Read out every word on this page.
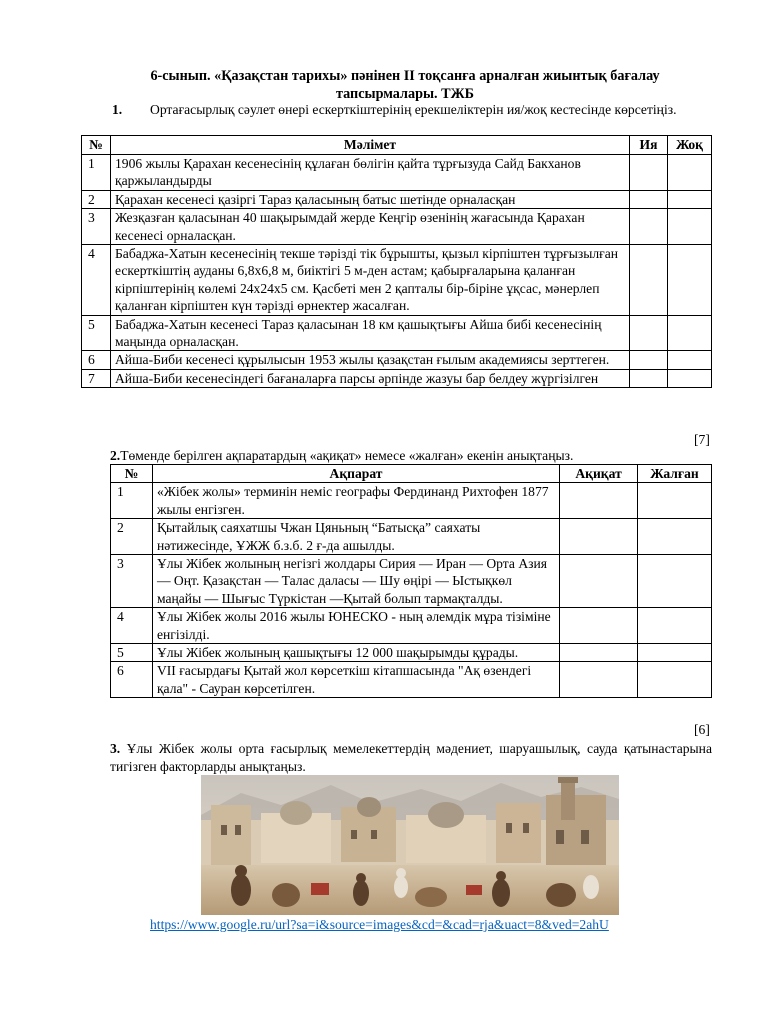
6-сынып. «Қазақстан тарихы» пәнінен II тоқсанға арналған жиынтық бағалау тапсырмалары. ТЖБ
1. Ортағасырлық сәулет өнері ескерткіштерінің ерекшеліктерін ия/жоқ кестесінде көрсетіңіз.
№	Мәлімет	Ия	Жоқ
1	1906 жылы Қарахан кесенесінің құлаған бөлігін қайта тұрғызуда Сайд Бакханов қаржыландырды		
2	Қарахан кесенесі қазіргі Тараз қаласының батыс шетінде орналасқан		
3	Жезқазған қаласынан 40 шақырымдай жерде Кеңгір өзенінің жағасында Қарахан кесенесі орналасқан.		
4	Бабаджа-Хатын кесенесінің текше тәрізді тік бұрышты, қызыл кірпіштен тұрғызылған ескерткіштің ауданы 6,8х6,8 м, биіктігі 5 м-ден астам; қабырғаларына қаланған кірпіштерінің көлемі 24х24х5 см. Қасбеті мен 2 қапталы бір-біріне ұқсас, мәнерлеп қаланған кірпіштен күн тәрізді өрнектер жасалған.		
5	Бабаджа-Хатын кесенесі Тараз қаласынан 18 км қашықтығы Айша бибі кесенесінің маңында орналасқан.		
6	Айша-Биби кесенесі құрылысын 1953 жылы қазақстан ғылым академиясы зерттеген.		
7	Айша-Биби кесенесіндегі бағаналарға парсы әрпінде жазуы бар белдеу жүргізілген		
[7]
2.Төменде берілген ақпаратардың «ақиқат» немесе «жалған» екенін анықтаңыз.
№	Ақпарат	Ақиқат	Жалған
1	«Жібек жолы» терминін неміс географы Фердинанд Рихтофен 1877 жылы енгізген.		
2	Қытайлық саяхатшы Чжан Цяньның “Батысқа” саяхаты нәтижесінде, ҰЖЖ б.з.б. 2 ғ-да ашылды.		
3	Ұлы Жібек жолының негізгі жолдары Сирия — Иран — Орта Азия — Оңт. Қазақстан — Талас даласы — Шу өңірі — Ыстықкөл маңайы — Шығыс Түркістан —Қытай болып тармақталды.		
4	Ұлы Жібек жолы 2016 жылы ЮНЕСКО - ның әлемдік мұра тізіміне енгізілді.		
5	Ұлы Жібек жолының қашықтығы 12 000 шақырымды құрады.		
6	VII ғасырдағы Қытай жол көрсеткіш кітапшасында "Ақ өзендегі қала" - Сауран көрсетілген.		
[6]
3. Ұлы Жібек жолы орта ғасырлық мемелекеттердің мәдениет, шаруашылық, сауда қатынастарына тигізген факторларды анықтаңыз.
https://www.google.ru/url?sa=i&source=images&cd=&cad=rja&uact=8&ved=2ahU
